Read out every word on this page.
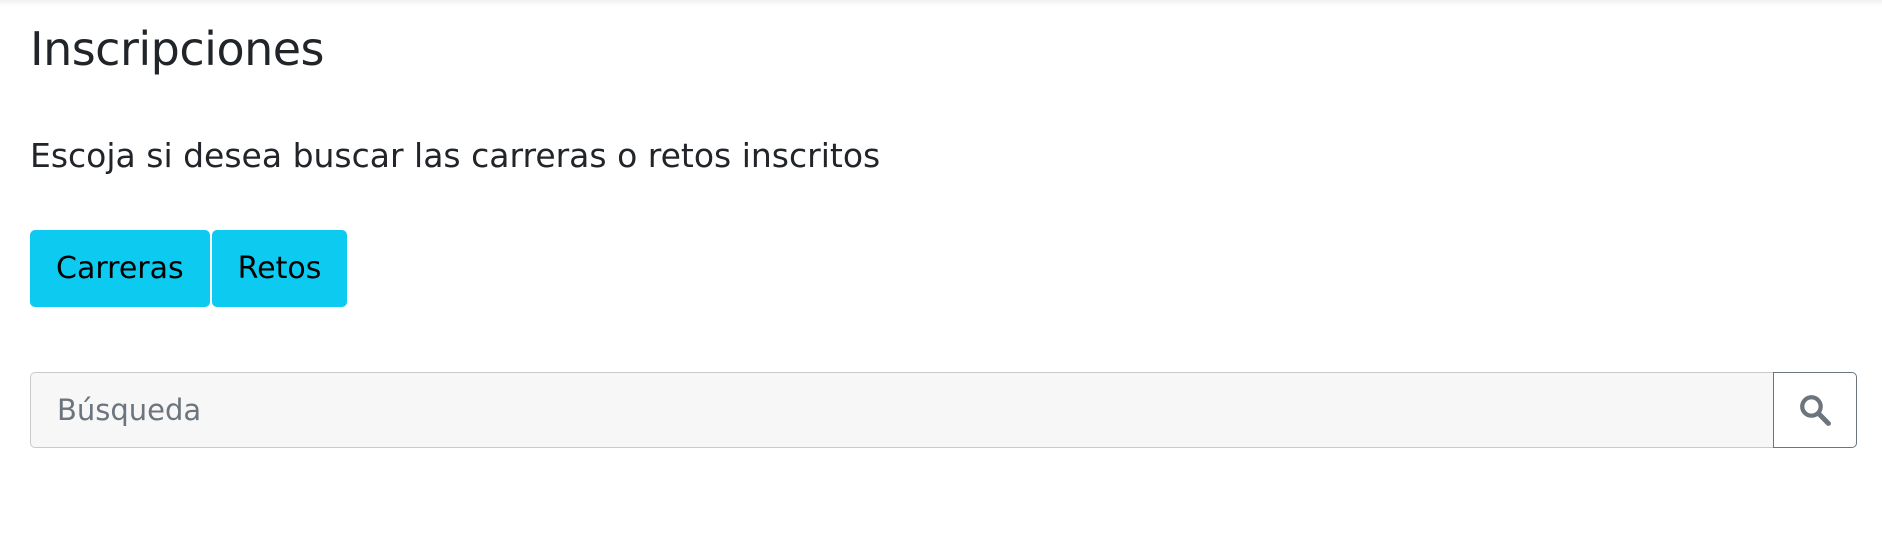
Inscripciones

Escoja si desea buscar las carreras o retos inscritos

Carreras	Retos
Búsqueda
